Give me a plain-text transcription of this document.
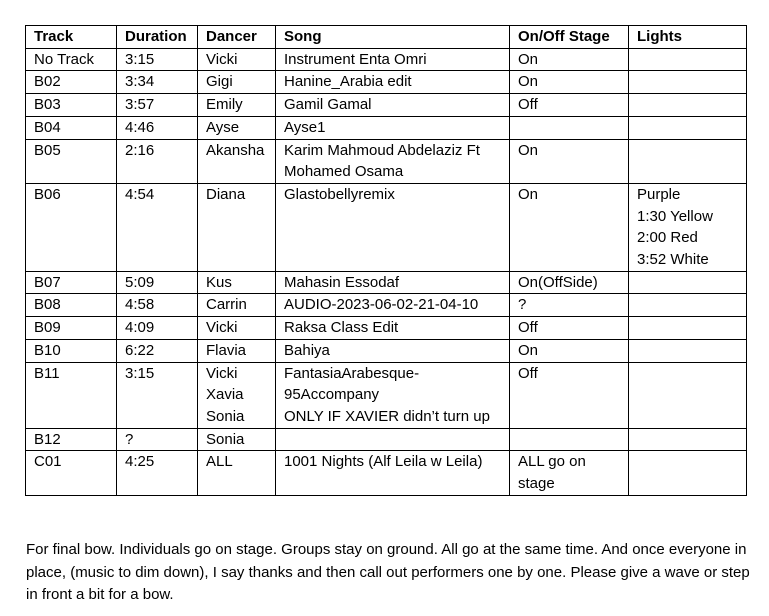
Track	Duration	Dancer	Song	On/Off Stage	Lights
No Track	3:15	Vicki	Instrument Enta Omri	On	

B02	3:34	Gigi	Hanine_Arabia edit	On	

B03	3:57	Emily	Gamil Gamal	Off	

B04	4:46	Ayse	Ayse1		

B05	2:16	Akansha	Karim Mahmoud Abdelaziz Ft
Mohamed Osama	On	

B06	4:54	Diana	Glastobellyremix	On	Purple
1:30 Yellow
2:00 Red
3:52 White

B07	5:09	Kus	Mahasin Essodaf	On(OffSide)	

B08	4:58	Carrin	AUDIO-2023-06-02-21-04-10	?	

B09	4:09	Vicki	Raksa Class Edit	Off	

B10	6:22	Flavia	Bahiya	On	

B11	3:15	Vicki
Xavia
Sonia	FantasiaArabesque-
95Accompany
ONLY IF XAVIER didn’t turn up	Off	

B12	?	Sonia			

C01	4:25	ALL	1001 Nights (Alf Leila w Leila)	ALL go on
stage	

For final bow. Individuals go on stage. Groups stay on ground. All go at the same time. And once everyone in place, (music to dim down), I say thanks and then call out performers one by one. Please give a wave or step in front a bit for a bow.
